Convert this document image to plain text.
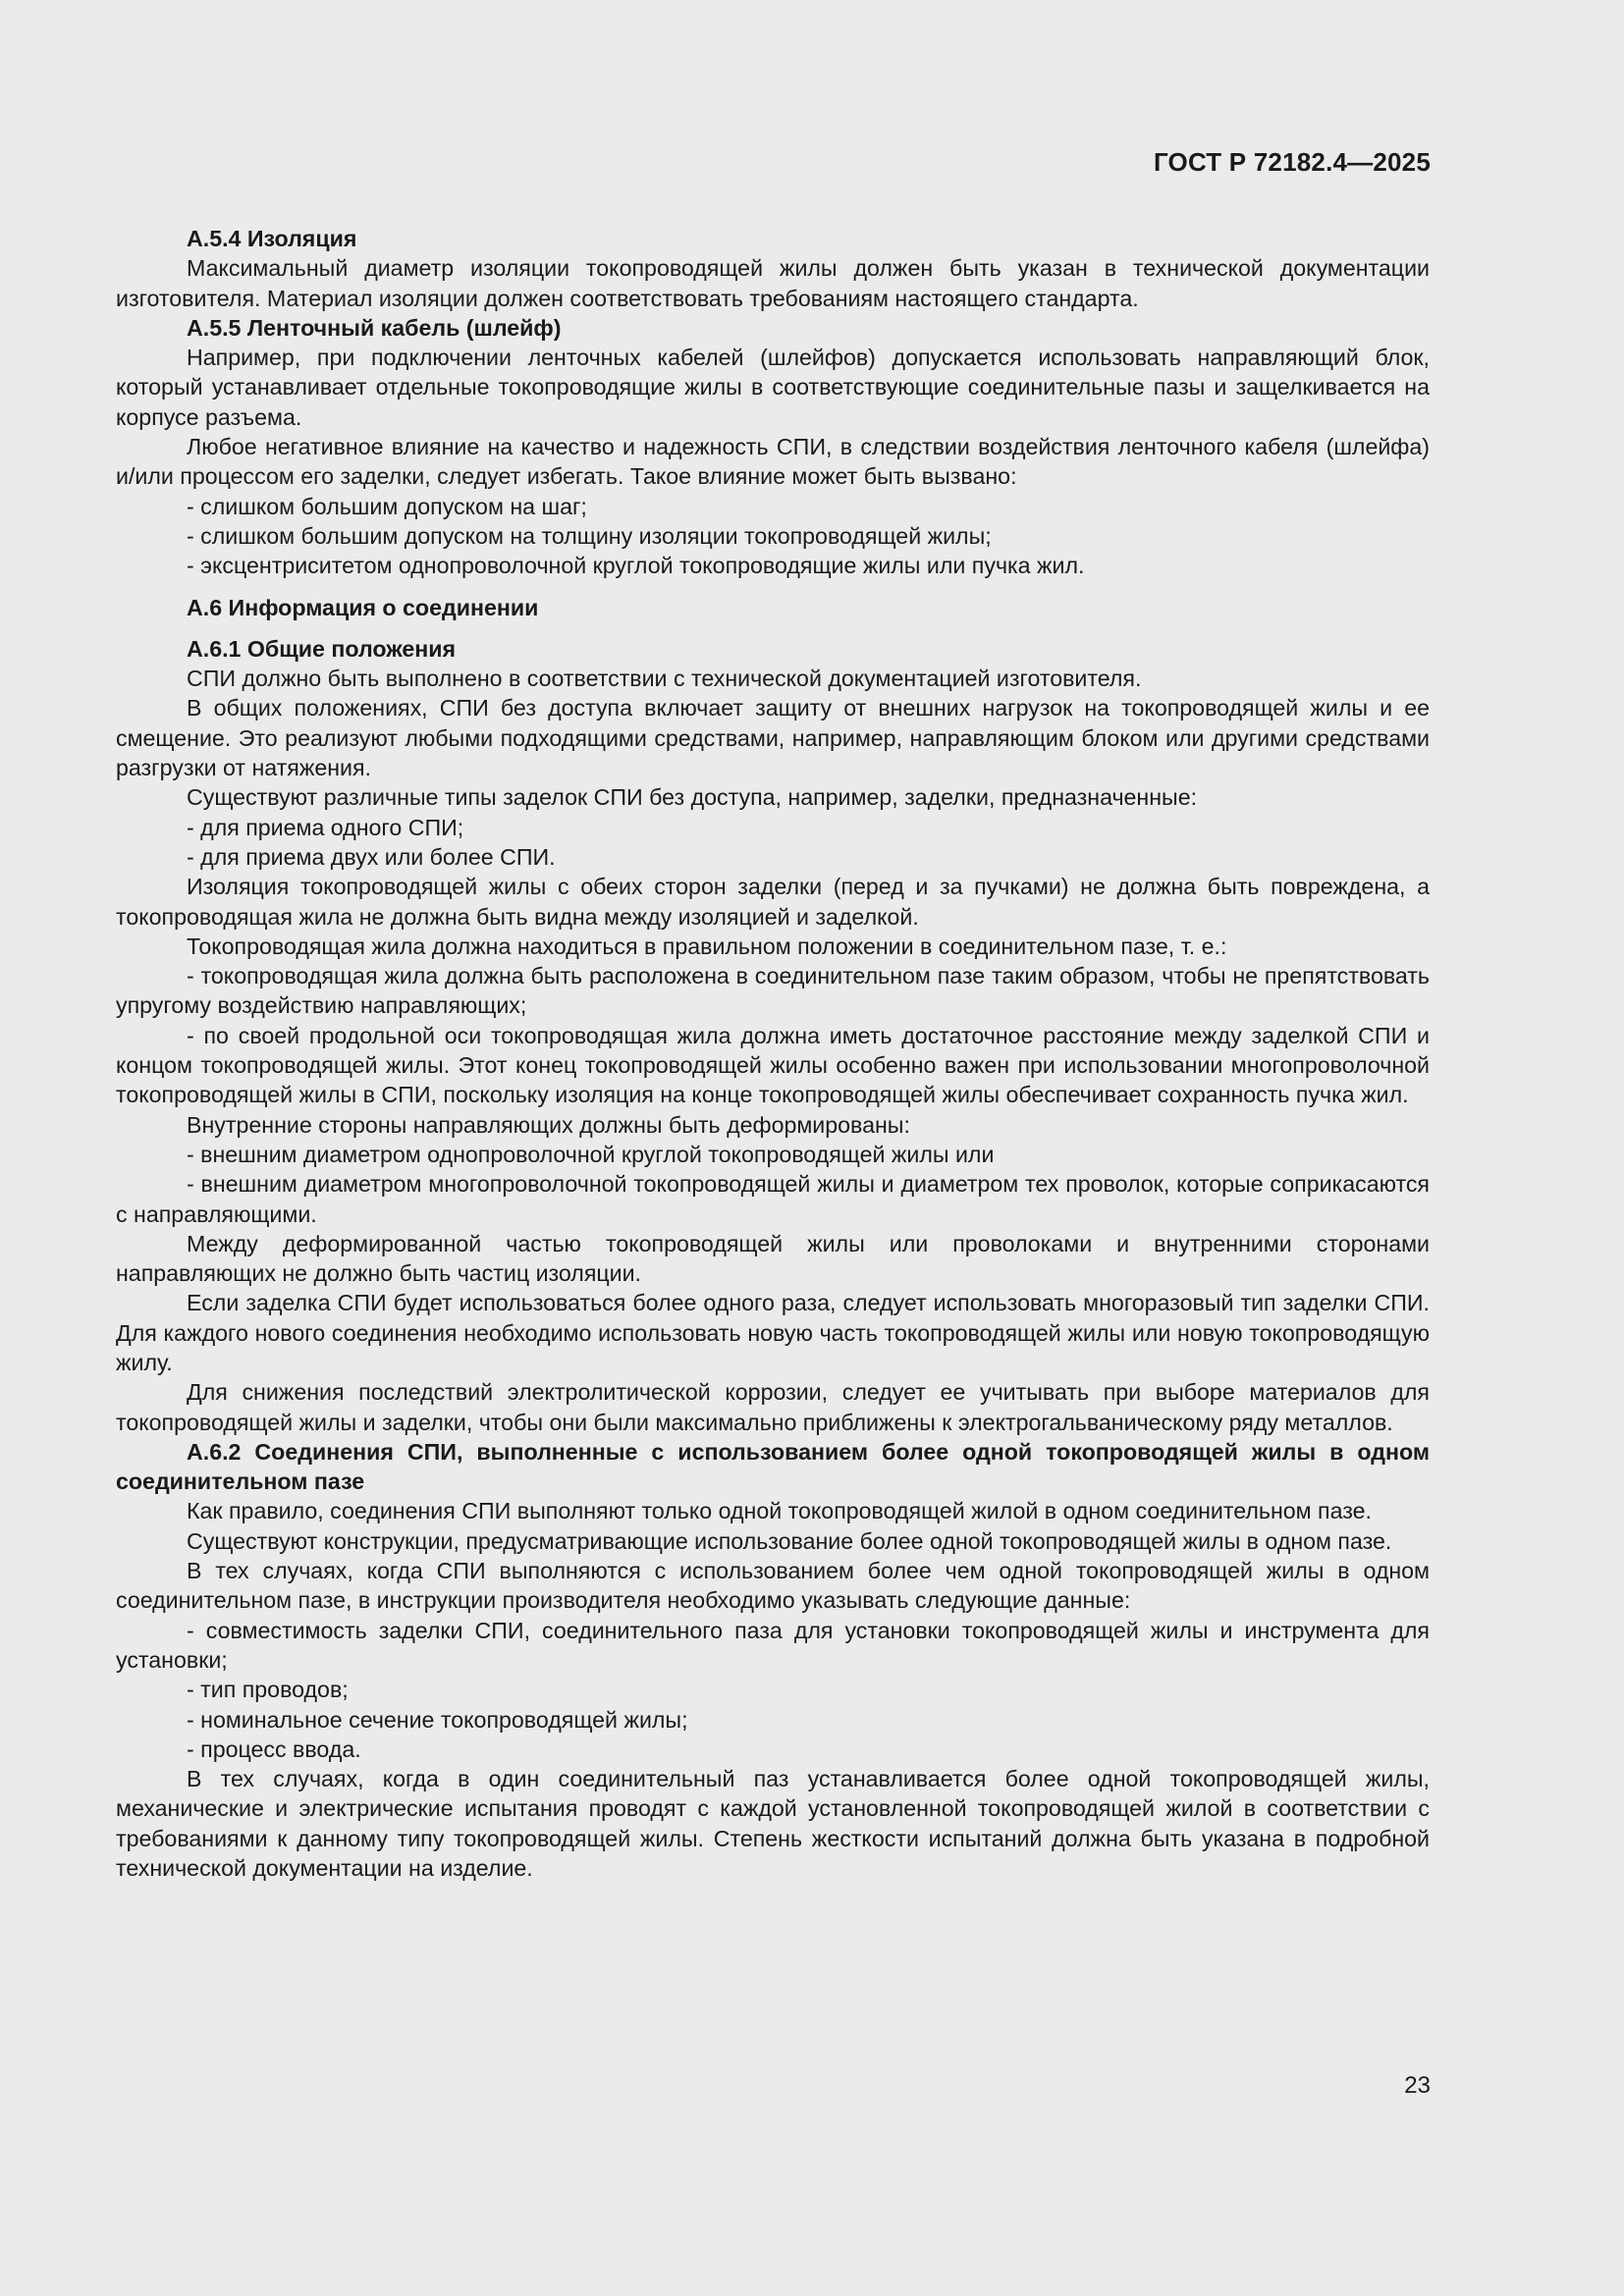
ГОСТ Р 72182.4—2025

А.5.4 Изоляция

Максимальный диаметр изоляции токопроводящей жилы должен быть указан в технической документации изготовителя. Материал изоляции должен соответствовать требованиям настоящего стандарта.

А.5.5 Ленточный кабель (шлейф)

Например, при подключении ленточных кабелей (шлейфов) допускается использовать направляющий блок, который устанавливает отдельные токопроводящие жилы в соответствующие соединительные пазы и защелкивается на корпусе разъема.

Любое негативное влияние на качество и надежность СПИ, в следствии воздействия ленточного кабеля (шлейфа) и/или процессом его заделки, следует избегать. Такое влияние может быть вызвано:

- слишком большим допуском на шаг;

- слишком большим допуском на толщину изоляции токопроводящей жилы;

- эксцентриситетом однопроволочной круглой токопроводящие жилы или пучка жил.

А.6 Информация о соединении

А.6.1 Общие положения

СПИ должно быть выполнено в соответствии с технической документацией изготовителя.

В общих положениях, СПИ без доступа включает защиту от внешних нагрузок на токопроводящей жилы и ее смещение. Это реализуют любыми подходящими средствами, например, направляющим блоком или другими средствами разгрузки от натяжения.

Существуют различные типы заделок СПИ без доступа, например, заделки, предназначенные:

- для приема одного СПИ;

- для приема двух или более СПИ.

Изоляция токопроводящей жилы с обеих сторон заделки (перед и за пучками) не должна быть повреждена, а токопроводящая жила не должна быть видна между изоляцией и заделкой.

Токопроводящая жила должна находиться в правильном положении в соединительном пазе, т. е.:

- токопроводящая жила должна быть расположена в соединительном пазе таким образом, чтобы не препятствовать упругому воздействию направляющих;

- по своей продольной оси токопроводящая жила должна иметь достаточное расстояние между заделкой СПИ и концом токопроводящей жилы. Этот конец токопроводящей жилы особенно важен при использовании многопроволочной токопроводящей жилы в СПИ, поскольку изоляция на конце токопроводящей жилы обеспечивает сохранность пучка жил.

Внутренние стороны направляющих должны быть деформированы:

- внешним диаметром однопроволочной круглой токопроводящей жилы или

- внешним диаметром многопроволочной токопроводящей жилы и диаметром тех проволок, которые соприкасаются с направляющими.

Между деформированной частью токопроводящей жилы или проволоками и внутренними сторонами направляющих не должно быть частиц изоляции.

Если заделка СПИ будет использоваться более одного раза, следует использовать многоразовый тип заделки СПИ. Для каждого нового соединения необходимо использовать новую часть токопроводящей жилы или новую токопроводящую жилу.

Для снижения последствий электролитической коррозии, следует ее учитывать при выборе материалов для токопроводящей жилы и заделки, чтобы они были максимально приближены к электрогальваническому ряду металлов.

А.6.2 Соединения СПИ, выполненные с использованием более одной токопроводящей жилы в одном соединительном пазе

Как правило, соединения СПИ выполняют только одной токопроводящей жилой в одном соединительном пазе.

Существуют конструкции, предусматривающие использование более одной токопроводящей жилы в одном пазе.

В тех случаях, когда СПИ выполняются с использованием более чем одной токопроводящей жилы в одном соединительном пазе, в инструкции производителя необходимо указывать следующие данные:

- совместимость заделки СПИ, соединительного паза для установки токопроводящей жилы и инструмента для установки;

- тип проводов;

- номинальное сечение токопроводящей жилы;

- процесс ввода.

В тех случаях, когда в один соединительный паз устанавливается более одной токопроводящей жилы, механические и электрические испытания проводят с каждой установленной токопроводящей жилой в соответствии с требованиями к данному типу токопроводящей жилы. Степень жесткости испытаний должна быть указана в подробной технической документации на изделие.

23
